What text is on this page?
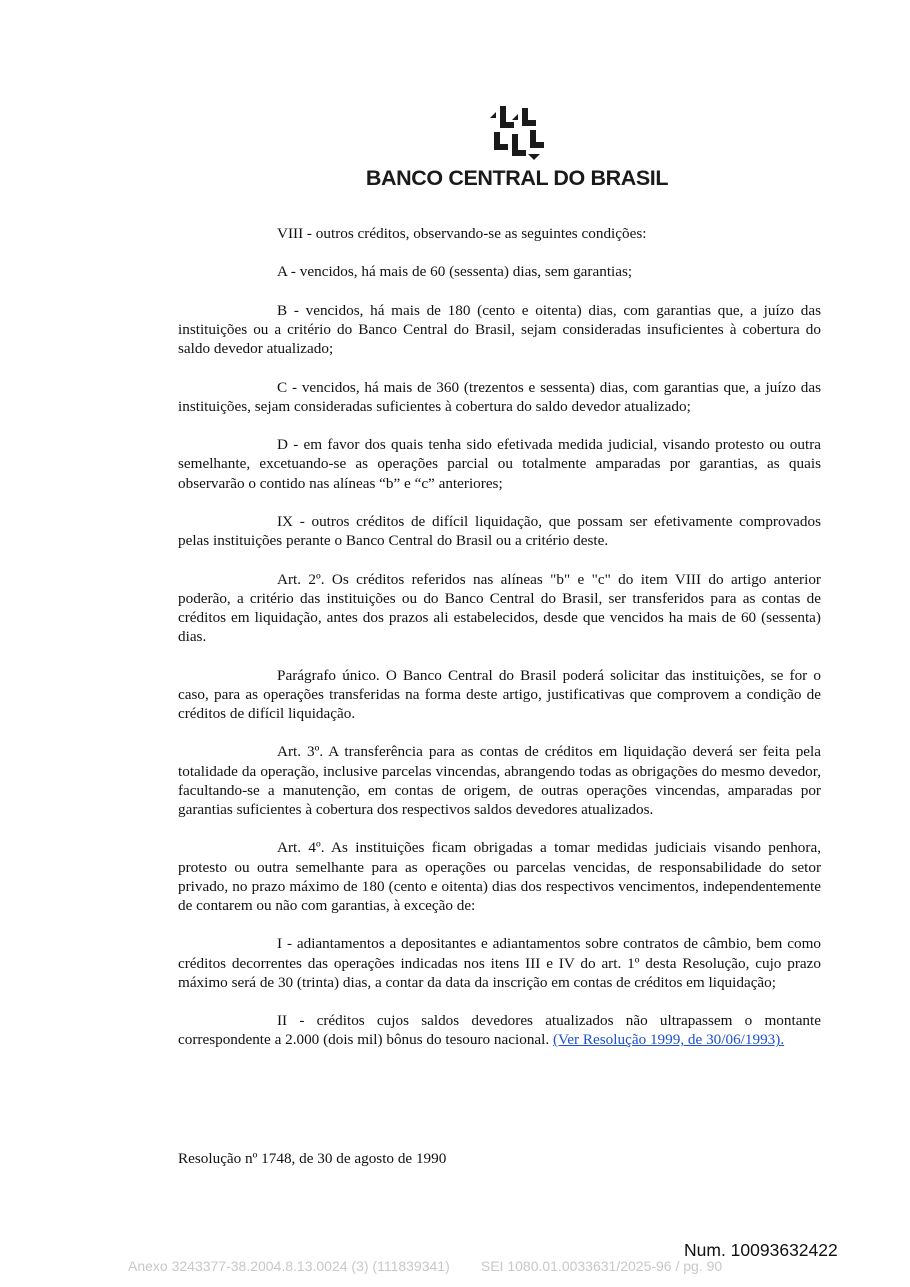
BANCO CENTRAL DO BRASIL

VIII - outros créditos, observando-se as seguintes condições:

A - vencidos, há mais de 60 (sessenta) dias, sem garantias;

B - vencidos, há mais de 180 (cento e oitenta) dias, com garantias que, a juízo das instituições ou a critério do Banco Central do Brasil, sejam consideradas insuficientes à cobertura do saldo devedor atualizado;

C - vencidos, há mais de 360 (trezentos e sessenta) dias, com garantias que, a juízo das instituições, sejam consideradas suficientes à cobertura do saldo devedor atualizado;

D - em favor dos quais tenha sido efetivada medida judicial, visando protesto ou outra semelhante, excetuando-se as operações parcial ou totalmente amparadas por garantias, as quais observarão o contido nas alíneas “b” e “c” anteriores;

IX - outros créditos de difícil liquidação, que possam ser efetivamente comprovados pelas instituições perante o Banco Central do Brasil ou a critério deste.

Art. 2º. Os créditos referidos nas alíneas "b" e "c" do item VIII do artigo anterior poderão, a critério das instituições ou do Banco Central do Brasil, ser transferidos para as contas de créditos em liquidação, antes dos prazos ali estabelecidos, desde que vencidos ha mais de 60 (sessenta) dias.

Parágrafo único. O Banco Central do Brasil poderá solicitar das instituições, se for o caso, para as operações transferidas na forma deste artigo, justificativas que comprovem a condição de créditos de difícil liquidação.

Art. 3º. A transferência para as contas de créditos em liquidação deverá ser feita pela totalidade da operação, inclusive parcelas vincendas, abrangendo todas as obrigações do mesmo devedor, facultando-se a manutenção, em contas de origem, de outras operações vincendas, amparadas por garantias suficientes à cobertura dos respectivos saldos devedores atualizados.

Art. 4º. As instituições ficam obrigadas a tomar medidas judiciais visando penhora, protesto ou outra semelhante para as operações ou parcelas vencidas, de responsabilidade do setor privado, no prazo máximo de 180 (cento e oitenta) dias dos respectivos vencimentos, independentemente de contarem ou não com garantias, à exceção de:

I - adiantamentos a depositantes e adiantamentos sobre contratos de câmbio, bem como créditos decorrentes das operações indicadas nos itens III e IV do art. 1º desta Resolução, cujo prazo máximo será de 30 (trinta) dias, a contar da data da inscrição em contas de créditos em liquidação;

II - créditos cujos saldos devedores atualizados não ultrapassem o montante correspondente a 2.000 (dois mil) bônus do tesouro nacional. (Ver Resolução 1999, de 30/06/1993).

Resolução nº 1748, de 30 de agosto de 1990
Num. 10093632422
Anexo 3243377-38.2004.8.13.0024 (3) (111839341) SEI 1080.01.0033631/2025-96 / pg. 90
